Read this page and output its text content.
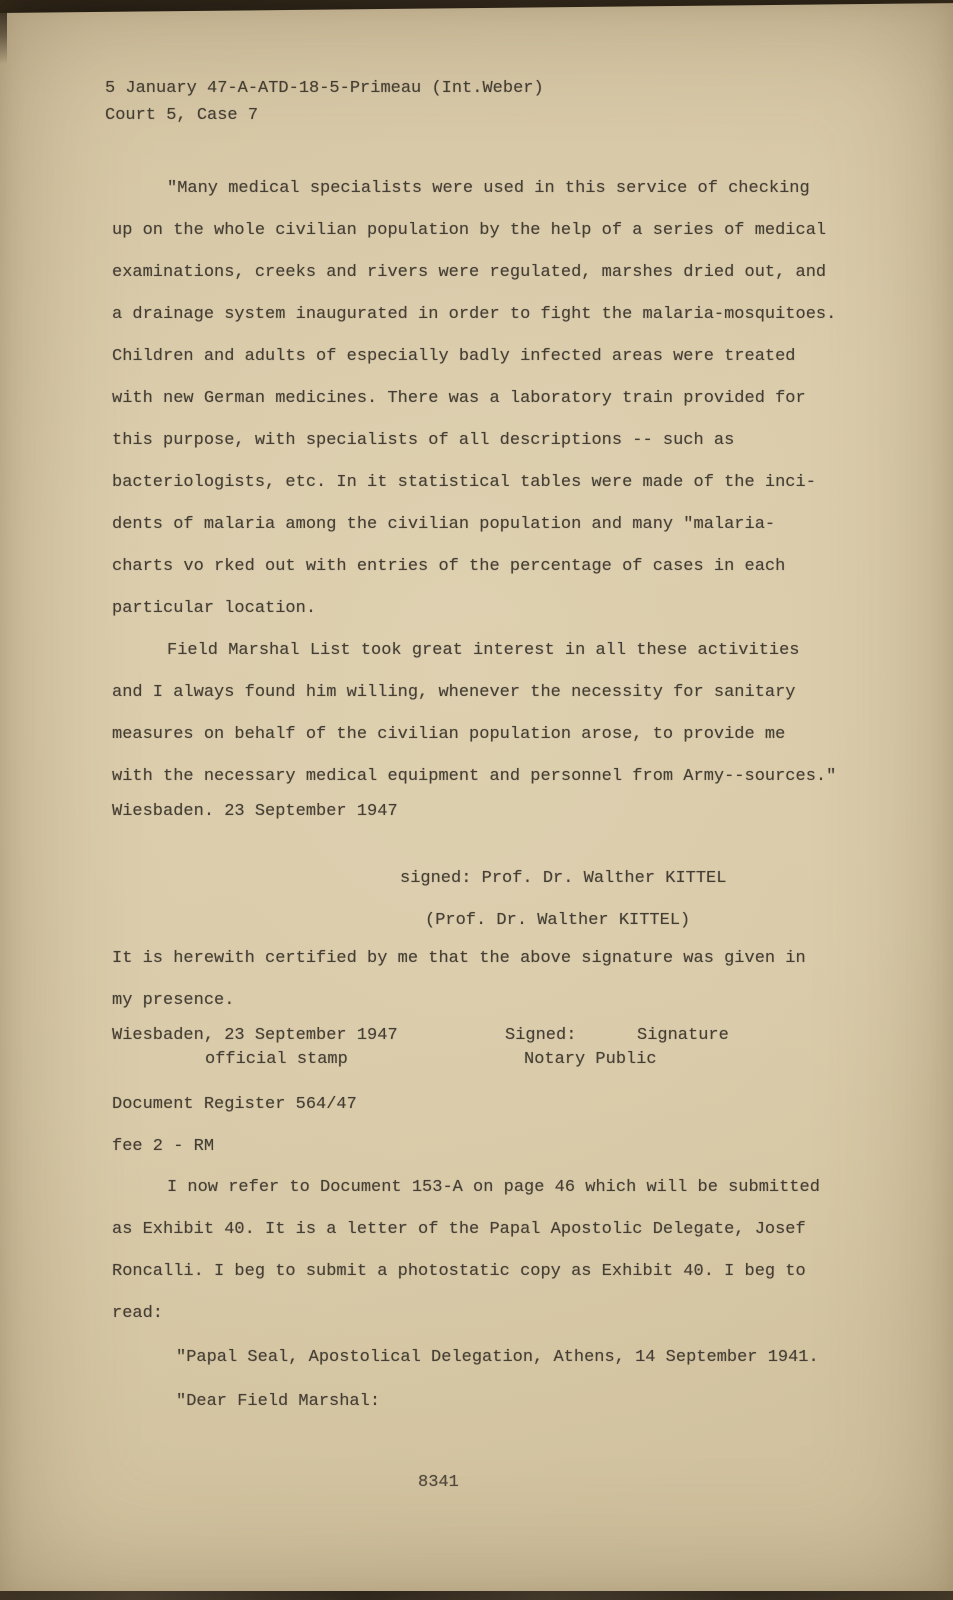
5 January 47-A-ATD-18-5-Primeau (Int.Weber)
Court 5, Case 7
"Many medical specialists were used in this service of checking
up on the whole civilian population by the help of a series of medical
examinations, creeks and rivers were regulated, marshes dried out, and
a drainage system inaugurated in order to fight the malaria-mosquitoes.
Children and adults of especially badly infected areas were treated
with new German medicines. There was a laboratory train provided for
this purpose, with specialists of all descriptions -- such as
bacteriologists, etc. In it statistical tables were made of the inci-
dents of malaria among the civilian population and many "malaria-
charts vo rked out with entries of the percentage of cases in each
particular location.
Field Marshal List took great interest in all these activities
and I always found him willing, whenever the necessity for sanitary
measures on behalf of the civilian population arose, to provide me
with the necessary medical equipment and personnel from Army--sources."
Wiesbaden. 23 September 1947
signed: Prof. Dr. Walther KITTEL
(Prof. Dr. Walther KITTEL)
It is herewith certified by me that the above signature was given in
my presence.
Wiesbaden, 23 September 1947	Signed:	Signature
official stamp	Notary Public
Document Register 564/47
fee 2 - RM
I now refer to Document 153-A on page 46 which will be submitted
as Exhibit 40. It is a letter of the Papal Apostolic Delegate, Josef
Roncalli. I beg to submit a photostatic copy as Exhibit 40. I beg to
read:
"Papal Seal, Apostolical Delegation, Athens, 14 September 1941.
"Dear Field Marshal:
8341
